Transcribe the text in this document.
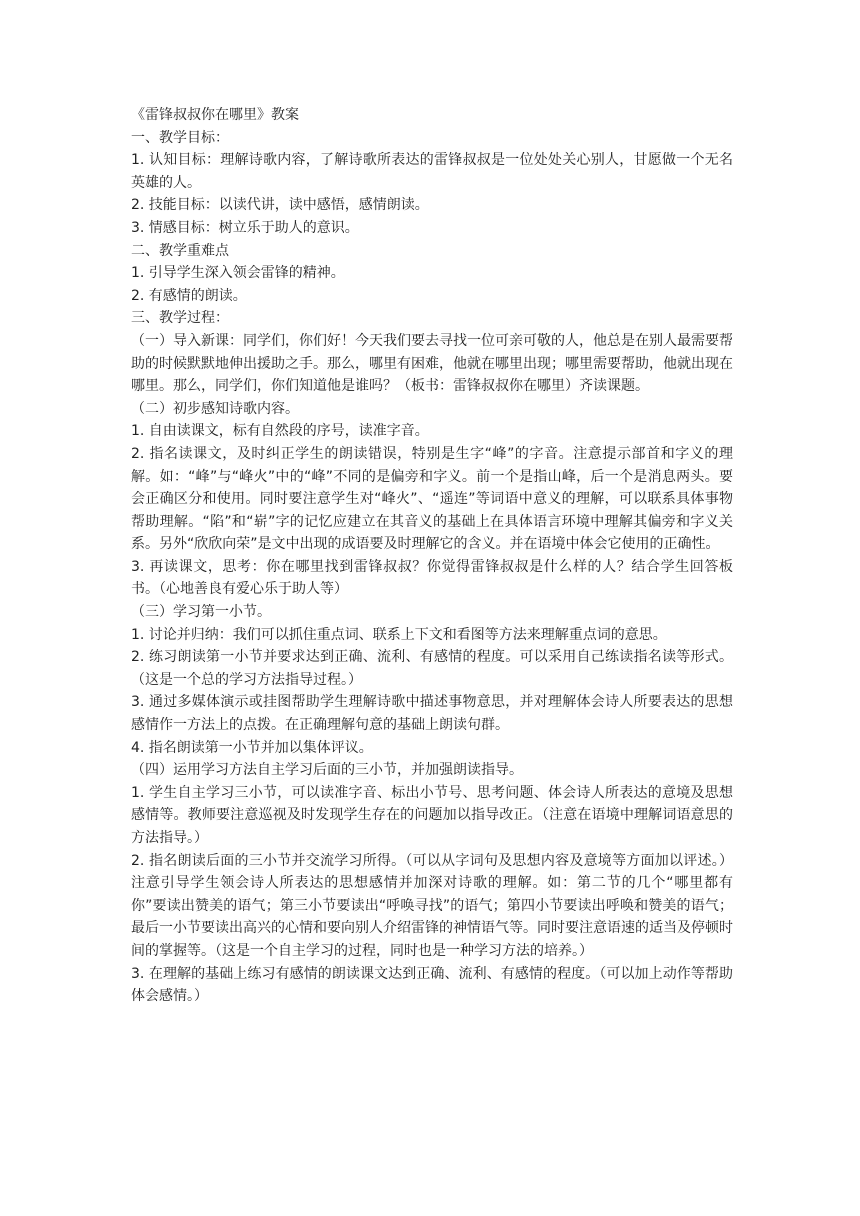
《雷锋叔叔你在哪里》教案

一、教学目标：

1. 认知目标：理解诗歌内容，了解诗歌所表达的雷锋叔叔是一位处处关心别人，甘愿做一个无名英雄的人。

2. 技能目标：以读代讲，读中感悟，感情朗读。

3. 情感目标：树立乐于助人的意识。

二、教学重难点

1. 引导学生深入领会雷锋的精神。

2. 有感情的朗读。

三、教学过程：

（一）导入新课：同学们，你们好！今天我们要去寻找一位可亲可敬的人，他总是在别人最需要帮助的时候默默地伸出援助之手。那么，哪里有困难，他就在哪里出现；哪里需要帮助，他就出现在哪里。那么，同学们，你们知道他是谁吗？（板书：雷锋叔叔你在哪里）齐读课题。

（二）初步感知诗歌内容。

1. 自由读课文，标有自然段的序号，读准字音。

2. 指名读课文，及时纠正学生的朗读错误，特别是生字“峰”的字音。注意提示部首和字义的理解。如：“峰”与“峰火”中的“峰”不同的是偏旁和字义。前一个是指山峰，后一个是消息两头。要会正确区分和使用。同时要注意学生对“峰火”、“遥连”等词语中意义的理解，可以联系具体事物帮助理解。“陷”和“崭”字的记忆应建立在其音义的基础上在具体语言环境中理解其偏旁和字义关系。另外“欣欣向荣”是文中出现的成语要及时理解它的含义。并在语境中体会它使用的正确性。

3. 再读课文，思考：你在哪里找到雷锋叔叔？你觉得雷锋叔叔是什么样的人？结合学生回答板书。（心地善良有爱心乐于助人等）

（三）学习第一小节。

1. 讨论并归纳：我们可以抓住重点词、联系上下文和看图等方法来理解重点词的意思。

2. 练习朗读第一小节并要求达到正确、流利、有感情的程度。可以采用自己练读指名读等形式。（这是一个总的学习方法指导过程。）

3. 通过多媒体演示或挂图帮助学生理解诗歌中描述事物意思，并对理解体会诗人所要表达的思想感情作一方法上的点拨。在正确理解句意的基础上朗读句群。

4. 指名朗读第一小节并加以集体评议。

（四）运用学习方法自主学习后面的三小节，并加强朗读指导。

1. 学生自主学习三小节，可以读准字音、标出小节号、思考问题、体会诗人所表达的意境及思想感情等。教师要注意巡视及时发现学生存在的问题加以指导改正。（注意在语境中理解词语意思的方法指导。）

2. 指名朗读后面的三小节并交流学习所得。（可以从字词句及思想内容及意境等方面加以评述。）注意引导学生领会诗人所表达的思想感情并加深对诗歌的理解。如：第二节的几个“哪里都有你”要读出赞美的语气；第三小节要读出“呼唤寻找”的语气；第四小节要读出呼唤和赞美的语气；最后一小节要读出高兴的心情和要向别人介绍雷锋的神情语气等。同时要注意语速的适当及停顿时间的掌握等。（这是一个自主学习的过程，同时也是一种学习方法的培养。）

3. 在理解的基础上练习有感情的朗读课文达到正确、流利、有感情的程度。（可以加上动作等帮助体会感情。）
